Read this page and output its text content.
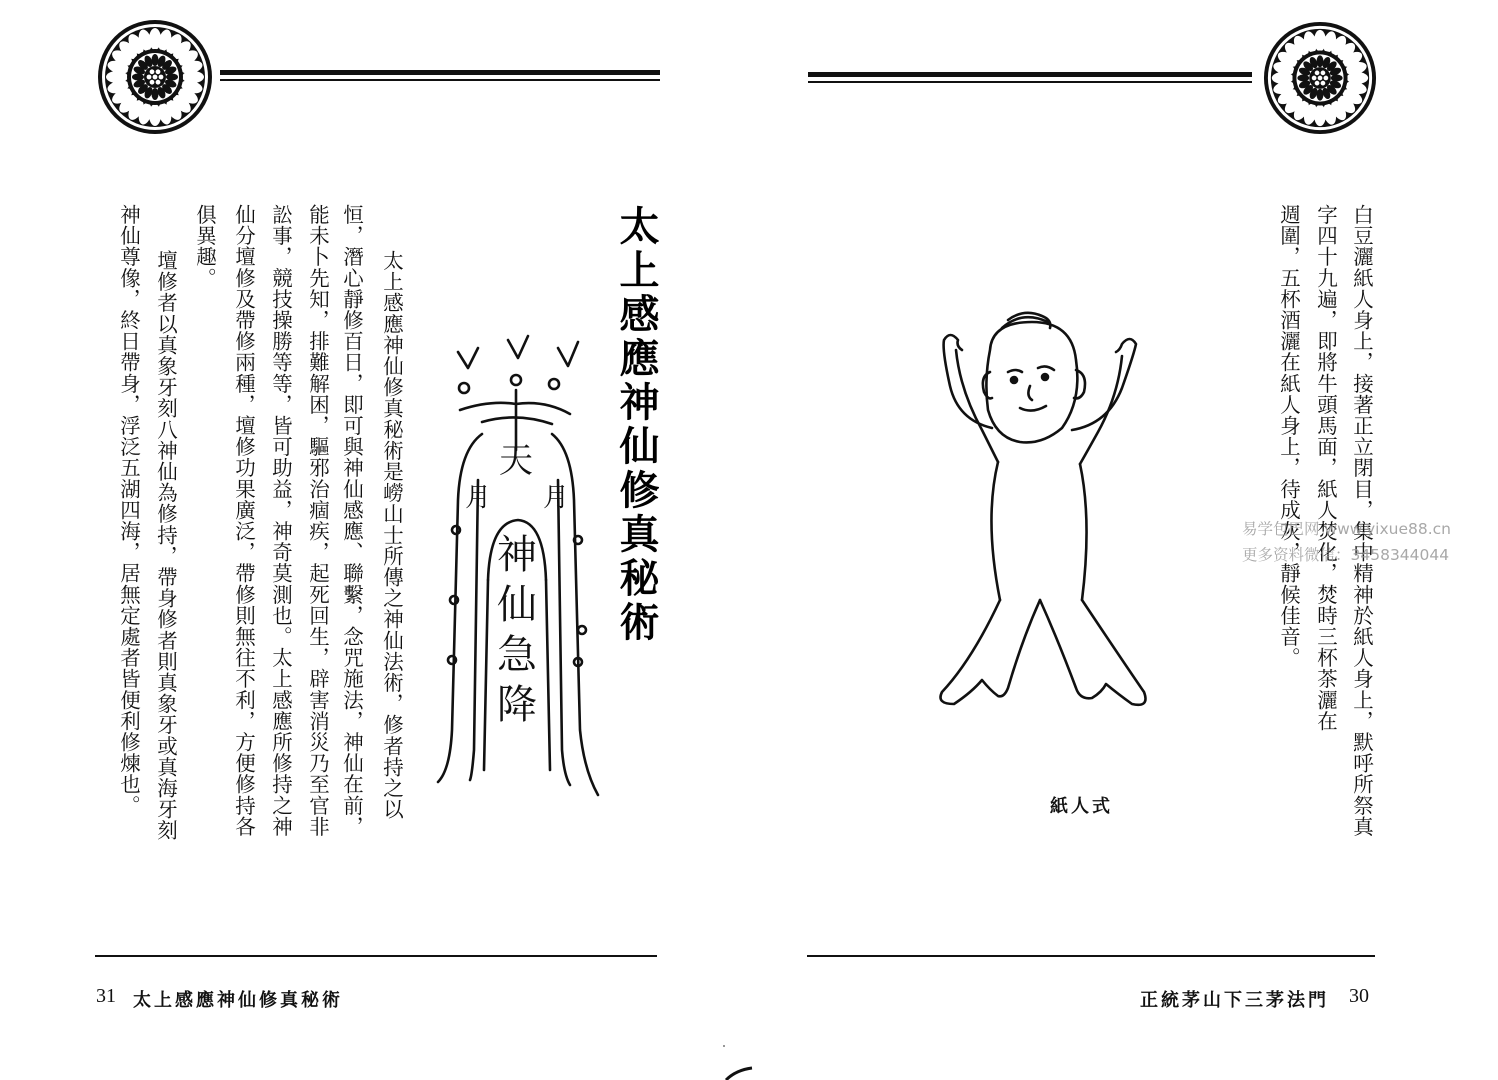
太上感應神仙修真秘術
天
月 月
神仙急降
太上感應神仙修真秘術是嶗山士所傳之神仙法術，修者持之以
恒，潛心靜修百日，即可與神仙感應、聯繫，念咒施法，神仙在前，
能未卜先知，排難解困，驅邪治痼疾，起死回生，辟害消災乃至官非
訟事，競技操勝等等，皆可助益，神奇莫測也。太上感應所修持之神
仙分壇修及帶修兩種，壇修功果廣泛，帶修則無往不利，方便修持各
俱異趣。
壇修者以真象牙刻八神仙為修持，帶身修者則真象牙或真海牙刻
神仙尊像，終日帶身，浮泛五湖四海，居無定處者皆便利修煉也。
31 太上感應神仙修真秘術
白豆灑紙人身上，接著正立閉目，集中精神於紙人身上，默呼所祭真
字四十九遍，即將牛頭馬面，紙人焚化，焚時三杯茶灑在
週圍，五杯酒灑在紙人身上，待成灰，靜候佳音。
紙人式
易学包巴网 www.yixue88.cn
更多资料微信：3458344044
正統茅山下三茅法門 30
